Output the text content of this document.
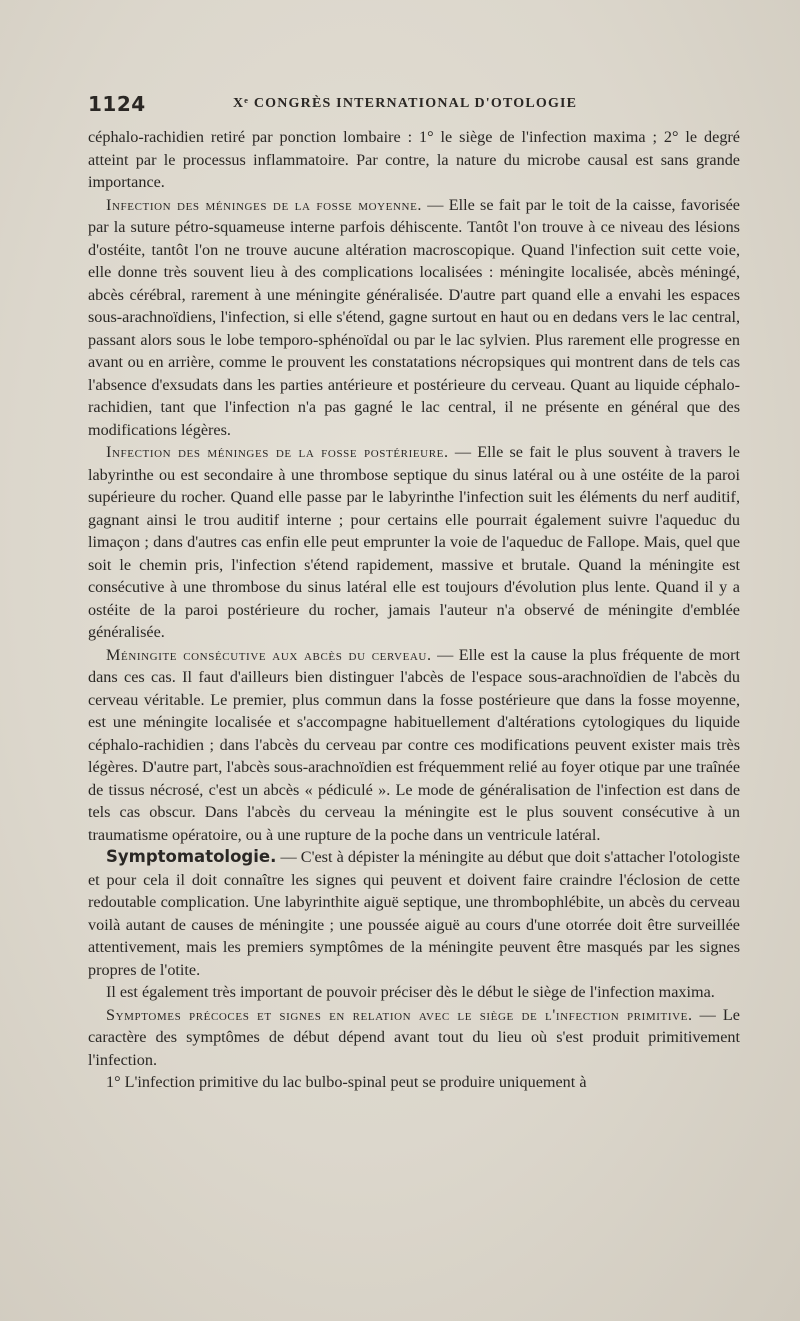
1124	Xᵉ CONGRÈS INTERNATIONAL D'OTOLOGIE

céphalo-rachidien retiré par ponction lombaire : 1° le siège de l'infection maxima ; 2° le degré atteint par le processus inflammatoire. Par contre, la nature du microbe causal est sans grande importance.

Infection des méninges de la fosse moyenne. — Elle se fait par le toit de la caisse, favorisée par la suture pétro-squameuse interne parfois déhiscente. Tantôt l'on trouve à ce niveau des lésions d'ostéite, tantôt l'on ne trouve aucune altération macroscopique. Quand l'infection suit cette voie, elle donne très souvent lieu à des complications localisées : méningite localisée, abcès méningé, abcès cérébral, rarement à une méningite généralisée. D'autre part quand elle a envahi les espaces sous-arachnoïdiens, l'infection, si elle s'étend, gagne surtout en haut ou en dedans vers le lac central, passant alors sous le lobe temporo-sphénoïdal ou par le lac sylvien. Plus rarement elle progresse en avant ou en arrière, comme le prouvent les constatations nécropsiques qui montrent dans de tels cas l'absence d'exsudats dans les parties antérieure et postérieure du cerveau. Quant au liquide céphalo-rachidien, tant que l'infection n'a pas gagné le lac central, il ne présente en général que des modifications légères.

Infection des méninges de la fosse postérieure. — Elle se fait le plus souvent à travers le labyrinthe ou est secondaire à une thrombose septique du sinus latéral ou à une ostéite de la paroi supérieure du rocher. Quand elle passe par le labyrinthe l'infection suit les éléments du nerf auditif, gagnant ainsi le trou auditif interne ; pour certains elle pourrait également suivre l'aqueduc du limaçon ; dans d'autres cas enfin elle peut emprunter la voie de l'aqueduc de Fallope. Mais, quel que soit le chemin pris, l'infection s'étend rapidement, massive et brutale. Quand la méningite est consécutive à une thrombose du sinus latéral elle est toujours d'évolution plus lente. Quand il y a ostéite de la paroi postérieure du rocher, jamais l'auteur n'a observé de méningite d'emblée généralisée.

Méningite consécutive aux abcès du cerveau. — Elle est la cause la plus fréquente de mort dans ces cas. Il faut d'ailleurs bien distinguer l'abcès de l'espace sous-arachnoïdien de l'abcès du cerveau véritable. Le premier, plus commun dans la fosse postérieure que dans la fosse moyenne, est une méningite localisée et s'accompagne habituellement d'altérations cytologiques du liquide céphalo-rachidien ; dans l'abcès du cerveau par contre ces modifications peuvent exister mais très légères. D'autre part, l'abcès sous-arachnoïdien est fréquemment relié au foyer otique par une traînée de tissus nécrosé, c'est un abcès « pédiculé ». Le mode de généralisation de l'infection est dans de tels cas obscur. Dans l'abcès du cerveau la méningite est le plus souvent consécutive à un traumatisme opératoire, ou à une rupture de la poche dans un ventricule latéral.

Symptomatologie. — C'est à dépister la méningite au début que doit s'attacher l'otologiste et pour cela il doit connaître les signes qui peuvent et doivent faire craindre l'éclosion de cette redoutable complication. Une labyrinthite aiguë septique, une thrombophlébite, un abcès du cerveau voilà autant de causes de méningite ; une poussée aiguë au cours d'une otorrée doit être surveillée attentivement, mais les premiers symptômes de la méningite peuvent être masqués par les signes propres de l'otite.

Il est également très important de pouvoir préciser dès le début le siège de l'infection maxima.

Symptomes précoces et signes en relation avec le siège de l'infection primitive. — Le caractère des symptômes de début dépend avant tout du lieu où s'est produit primitivement l'infection.

1° L'infection primitive du lac bulbo-spinal peut se produire uniquement à
